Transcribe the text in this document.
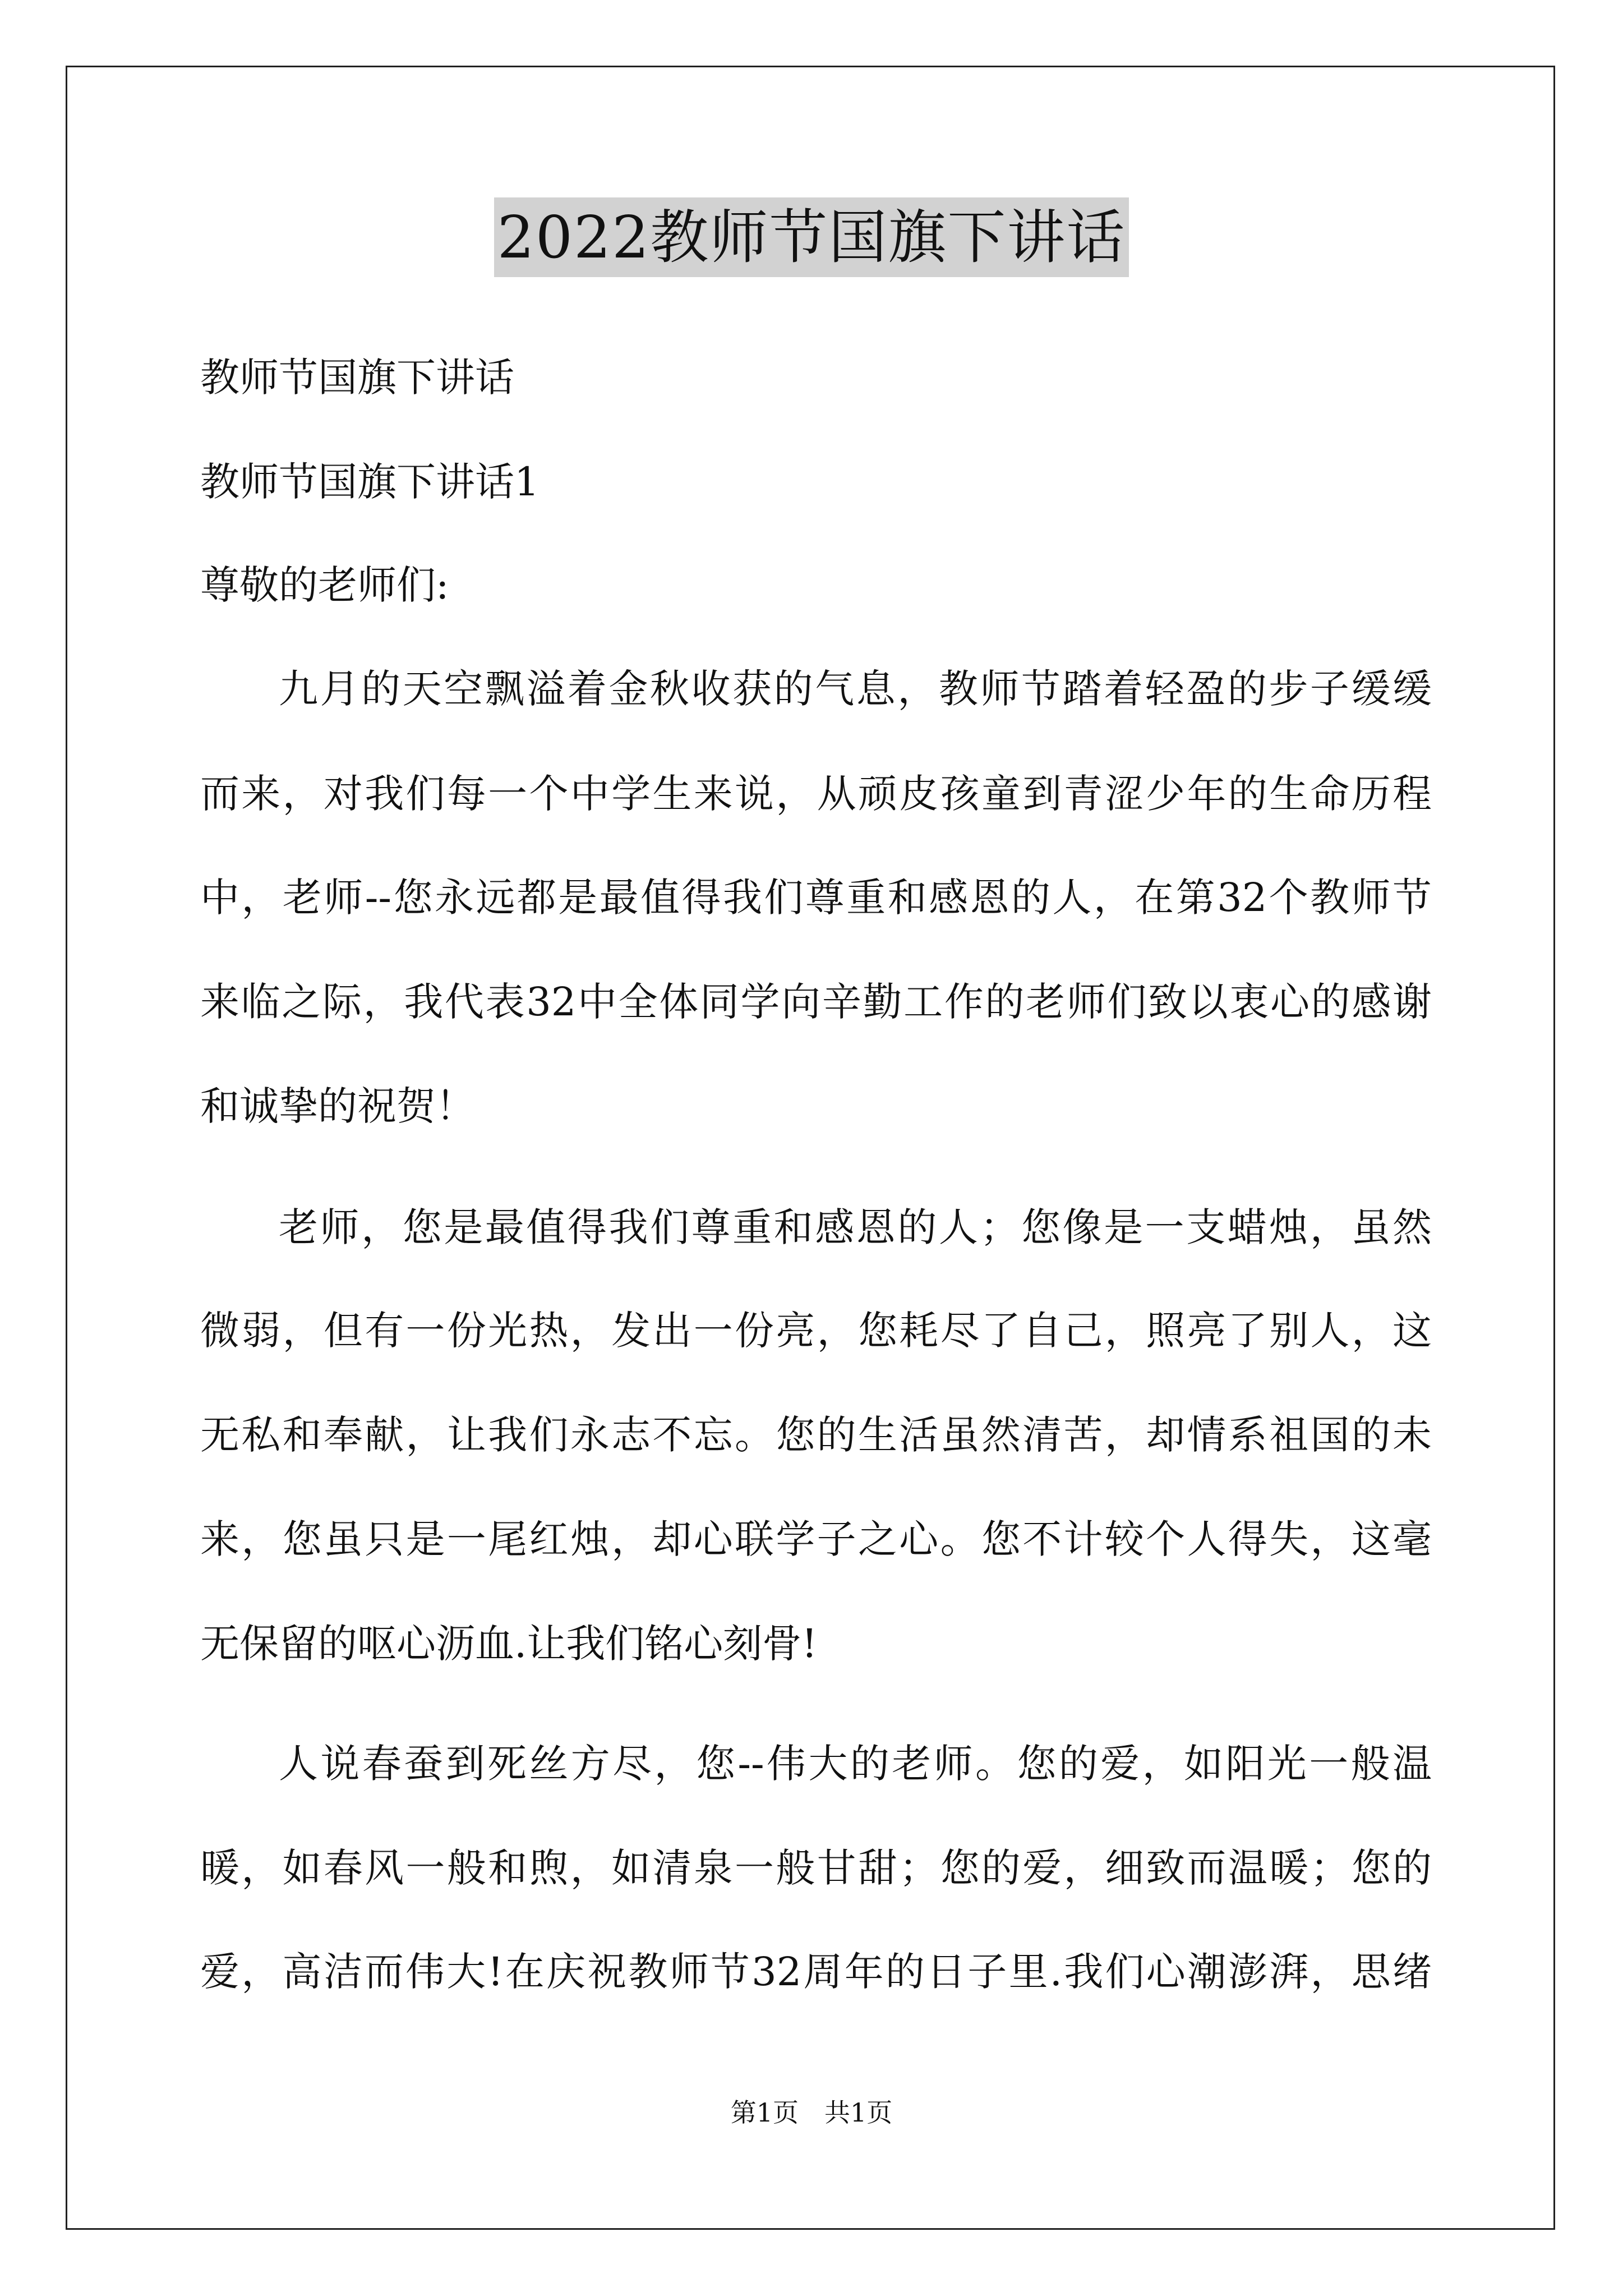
2022教师节国旗下讲话
教师节国旗下讲话
教师节国旗下讲话1
尊敬的老师们:
九月的天空飘溢着金秋收获的气息，教师节踏着轻盈的步子缓缓
而来，对我们每一个中学生来说，从顽皮孩童到青涩少年的生命历程
中，老师--您永远都是最值得我们尊重和感恩的人，在第32个教师节
来临之际，我代表32中全体同学向辛勤工作的老师们致以衷心的感谢
和诚挚的祝贺！
老师，您是最值得我们尊重和感恩的人；您像是一支蜡烛，虽然
微弱，但有一份光热，发出一份亮，您耗尽了自己，照亮了别人，这
无私和奉献，让我们永志不忘。您的生活虽然清苦，却情系祖国的未
来，您虽只是一尾红烛，却心联学子之心。您不计较个人得失，这毫
无保留的呕心沥血.让我们铭心刻骨!
人说春蚕到死丝方尽，您--伟大的老师。您的爱，如阳光一般温
暖，如春风一般和煦，如清泉一般甘甜；您的爱，细致而温暖；您的
爱，高洁而伟大!在庆祝教师节32周年的日子里.我们心潮澎湃，思绪
第1页　共1页
